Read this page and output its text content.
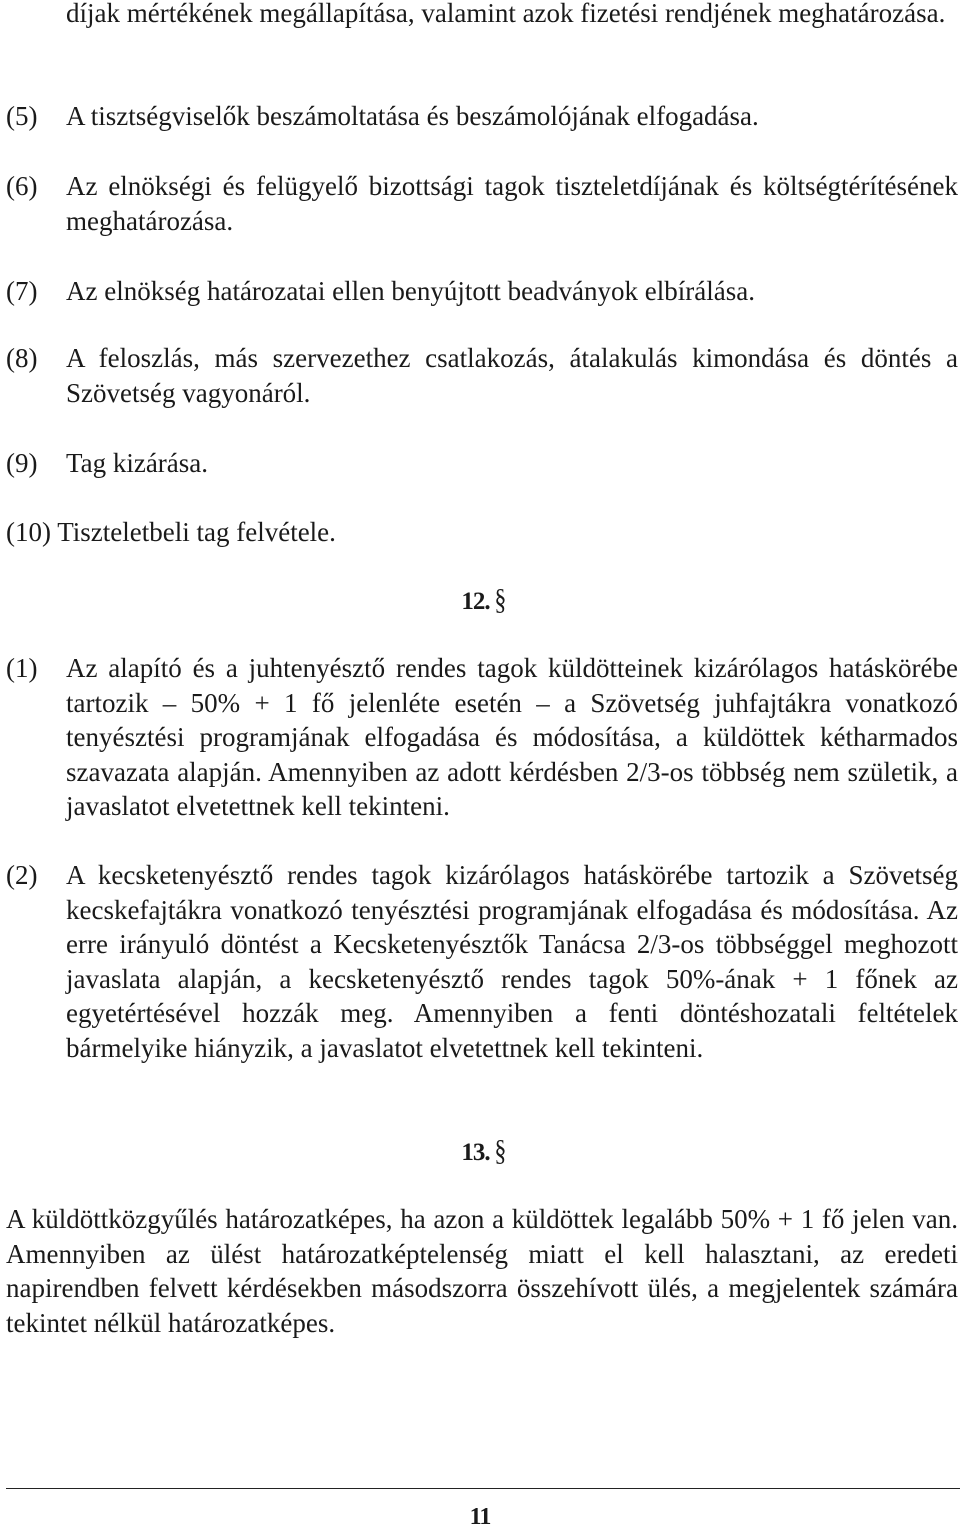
díjak mértékének megállapítása, valamint azok fizetési rendjének meghatározása.
(5) A tisztségviselők beszámoltatása és beszámolójának elfogadása.
(6) Az elnökségi és felügyelő bizottsági tagok tiszteletdíjának és költségtérítésének meghatározása.
(7) Az elnökség határozatai ellen benyújtott beadványok elbírálása.
(8) A feloszlás, más szervezethez csatlakozás, átalakulás kimondása és döntés a Szövetség vagyonáról.
(9) Tag kizárása.
(10) Tiszteletbeli tag felvétele.
12. §
(1) Az alapító és a juhtenyésztő rendes tagok küldötteinek kizárólagos hatáskörébe tartozik – 50% + 1 fő jelenléte esetén – a Szövetség juhfajtákra vonatkozó tenyésztési programjának elfogadása és módosítása, a küldöttek kétharmados szavazata alapján. Amennyiben az adott kérdésben 2/3-os többség nem születik, a javaslatot elvetettnek kell tekinteni.
(2) A kecsketenyésztő rendes tagok kizárólagos hatáskörébe tartozik a Szövetség kecskefajtákra vonatkozó tenyésztési programjának elfogadása és módosítása. Az erre irányuló döntést a Kecsketenyésztők Tanácsa 2/3-os többséggel meghozott javaslata alapján, a kecsketenyésztő rendes tagok 50%-ának + 1 főnek az egyetértésével hozzák meg. Amennyiben a fenti döntéshozatali feltételek bármelyike hiányzik, a javaslatot elvetettnek kell tekinteni.
13. §
A küldöttközgyűlés határozatképes, ha azon a küldöttek legalább 50% + 1 fő jelen van. Amennyiben az ülést határozatképtelenség miatt el kell halasztani, az eredeti napirendben felvett kérdésekben másodszorra összehívott ülés, a megjelentek számára tekintet nélkül határozatképes.
11
